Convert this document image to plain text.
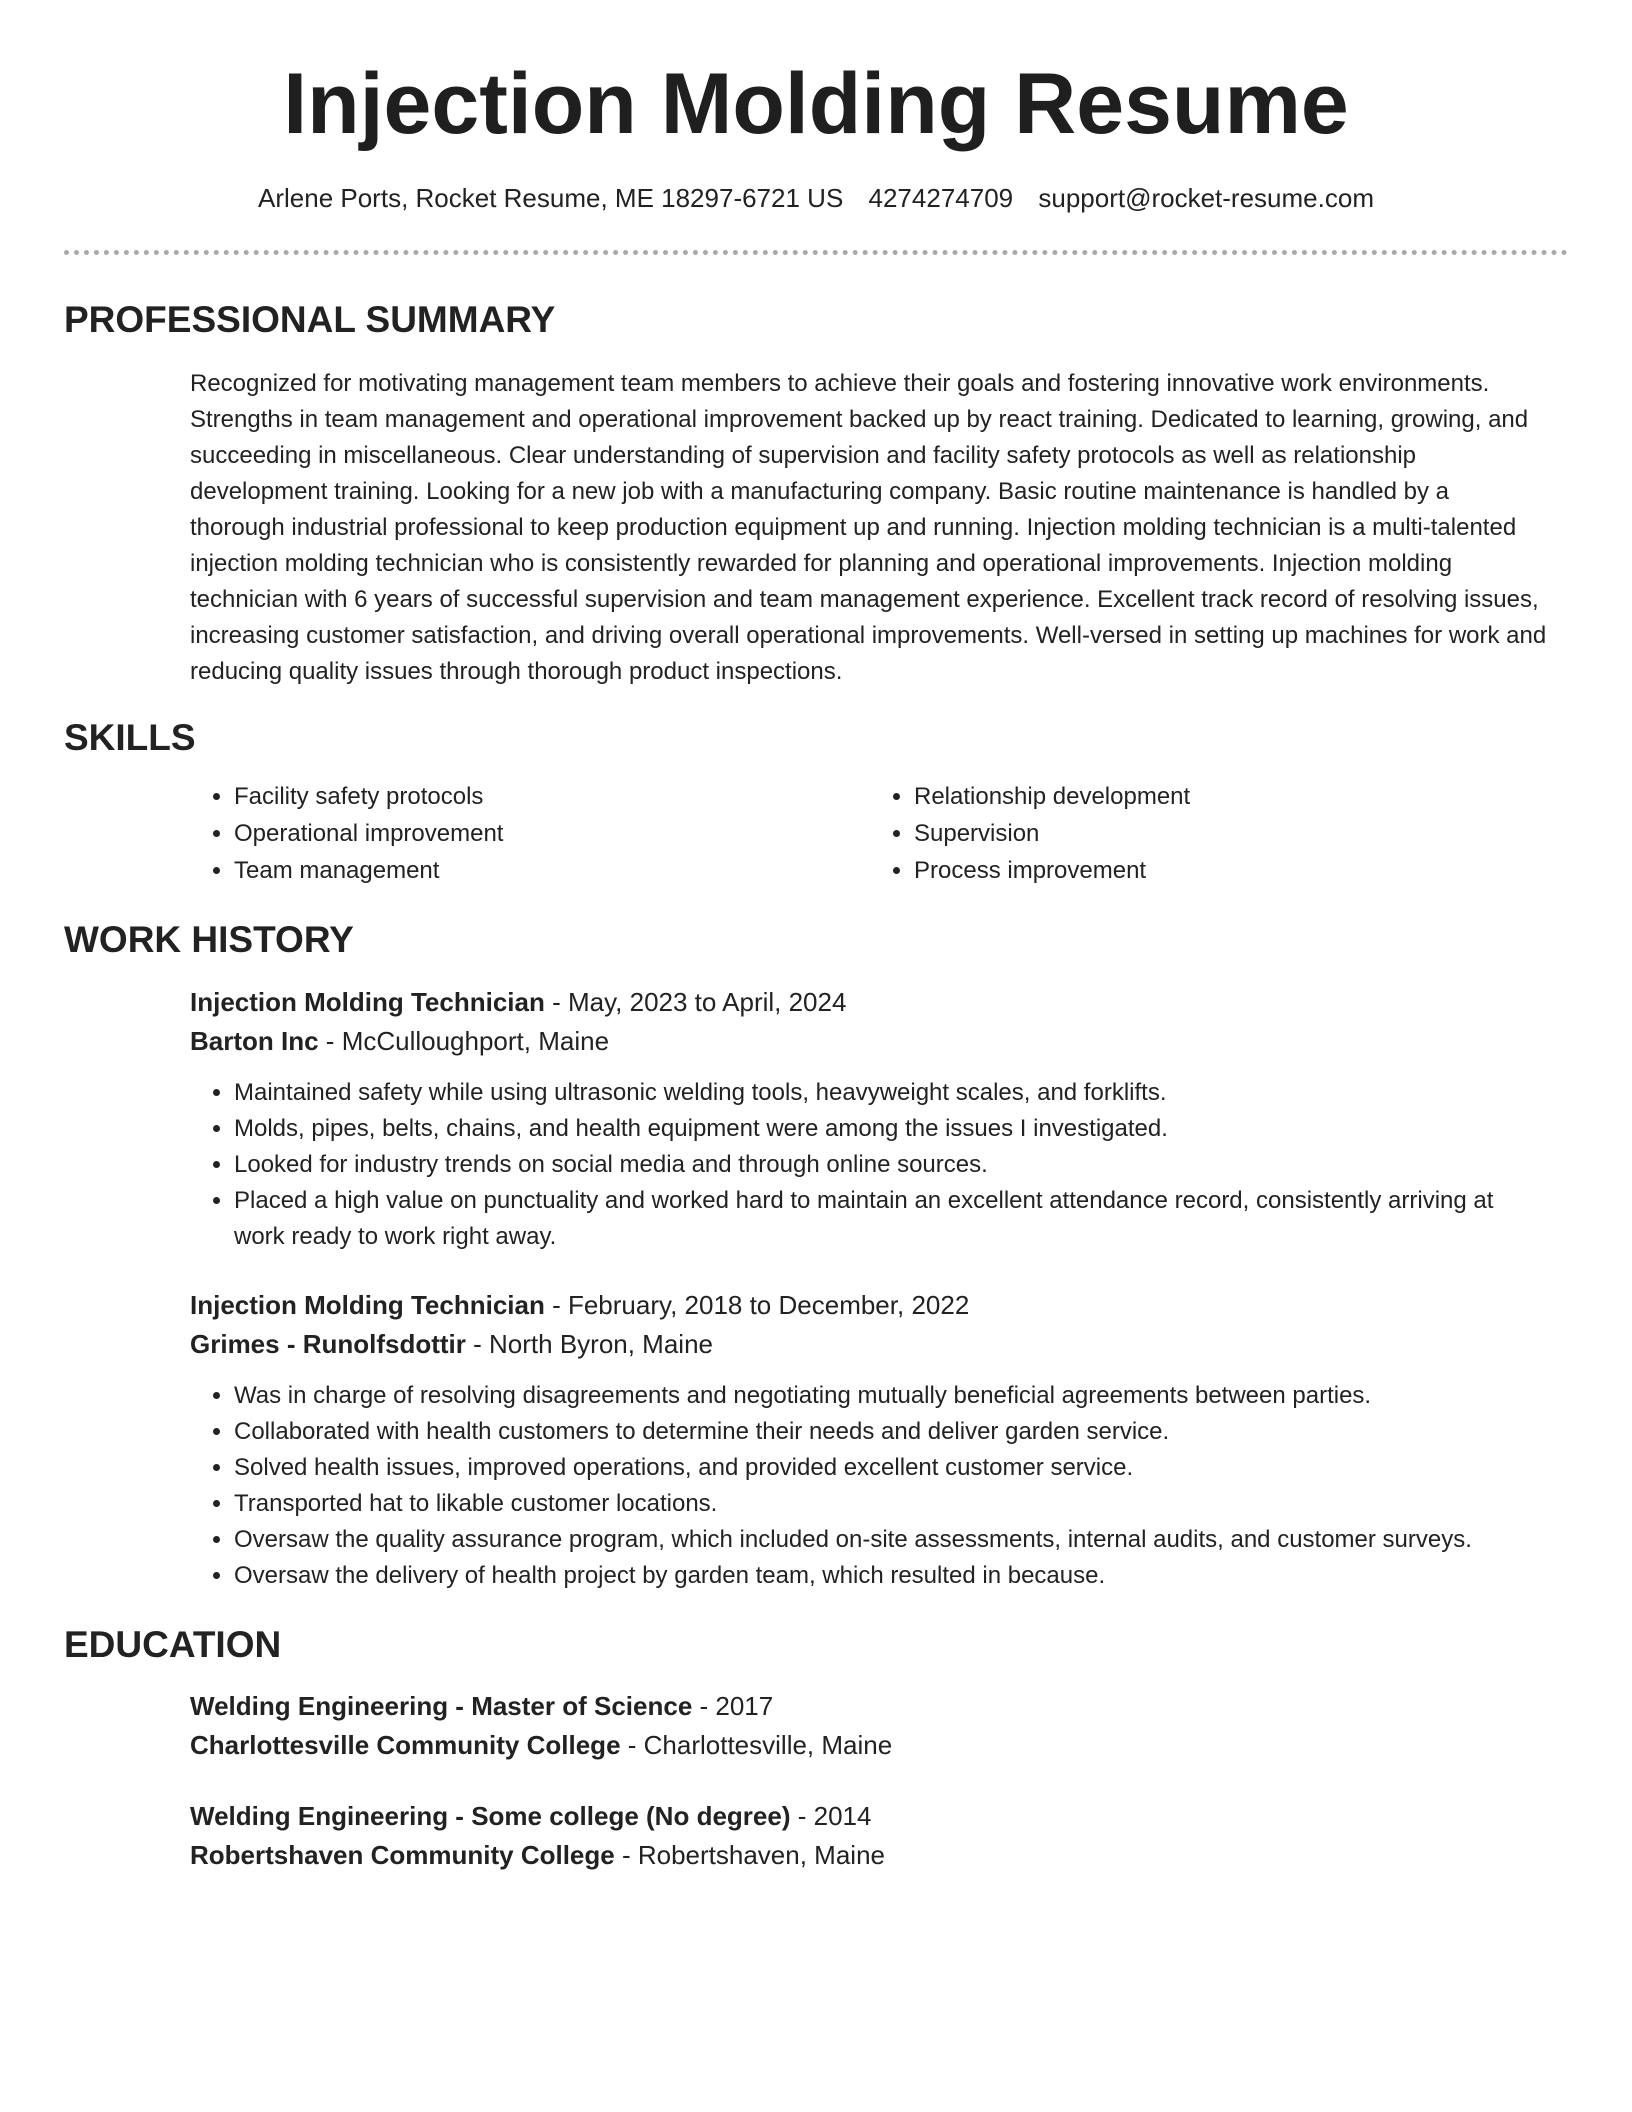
Injection Molding Resume
Arlene Ports, Rocket Resume, ME 18297-6721 US 4274274709 support@rocket-resume.com
PROFESSIONAL SUMMARY

Recognized for motivating management team members to achieve their goals and fostering innovative work environments. Strengths in team management and operational improvement backed up by react training. Dedicated to learning, growing, and succeeding in miscellaneous. Clear understanding of supervision and facility safety protocols as well as relationship development training. Looking for a new job with a manufacturing company. Basic routine maintenance is handled by a thorough industrial professional to keep production equipment up and running. Injection molding technician is a multi-talented injection molding technician who is consistently rewarded for planning and operational improvements. Injection molding technician with 6 years of successful supervision and team management experience. Excellent track record of resolving issues, increasing customer satisfaction, and driving overall operational improvements. Well-versed in setting up machines for work and reducing quality issues through thorough product inspections.

SKILLS
• Facility safety protocols
• Operational improvement
• Team management
• Relationship development
• Supervision
• Process improvement
WORK HISTORY

Injection Molding Technician - May, 2023 to April, 2024

Barton Inc - McCulloughport, Maine

• Maintained safety while using ultrasonic welding tools, heavyweight scales, and forklifts.
• Molds, pipes, belts, chains, and health equipment were among the issues I investigated.
• Looked for industry trends on social media and through online sources.
• Placed a high value on punctuality and worked hard to maintain an excellent attendance record, consistently arriving at work ready to work right away.

Injection Molding Technician - February, 2018 to December, 2022

Grimes - Runolfsdottir - North Byron, Maine

• Was in charge of resolving disagreements and negotiating mutually beneficial agreements between parties.
• Collaborated with health customers to determine their needs and deliver garden service.
• Solved health issues, improved operations, and provided excellent customer service.
• Transported hat to likable customer locations.
• Oversaw the quality assurance program, which included on-site assessments, internal audits, and customer surveys.
• Oversaw the delivery of health project by garden team, which resulted in because.
EDUCATION

Welding Engineering - Master of Science - 2017

Charlottesville Community College - Charlottesville, Maine

Welding Engineering - Some college (No degree) - 2014

Robertshaven Community College - Robertshaven, Maine
